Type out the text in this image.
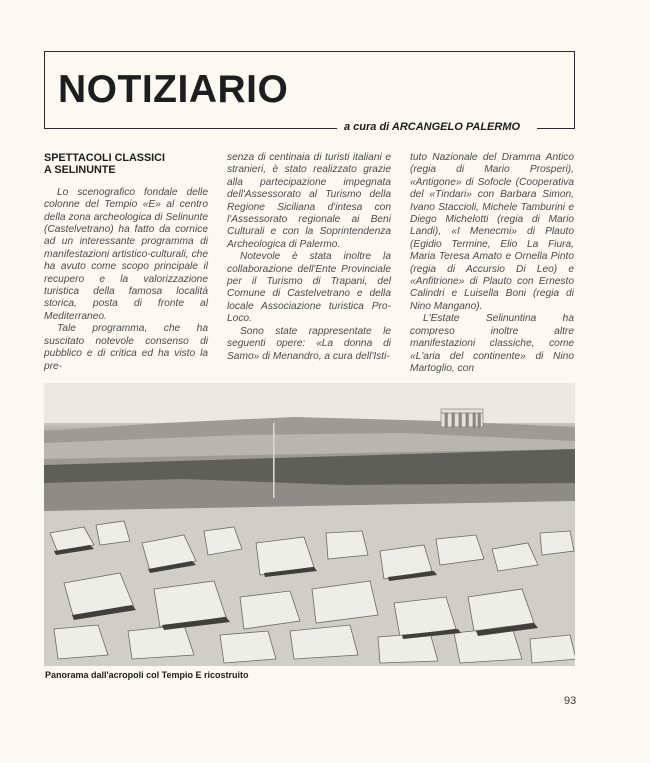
NOTIZIARIO
a cura di ARCANGELO PALERMO
SPETTACOLI CLASSICI
A SELINUNTE

Lo scenografico fondale delle colonne del Tempio «E» al centro della zona archeologica di Selinunte (Castelvetrano) ha fatto da cornice ad un interessante programma di manifestazioni artistico-culturali, che ha avuto come scopo principale il recupero e la valorizzazione turistica della famosa località storica, posta di fronte al Mediterraneo.

Tale programma, che ha suscitato notevole consenso di pubblico e di critica ed ha visto la pre-

senza di centinaia di turisti italiani e stranieri, è stato realizzato grazie alla partecipazione impegnata dell'Assessorato al Turismo della Regione Siciliana d'intesa con l'Assessorato regionale ai Beni Culturali e con la Soprintendenza Archeologica di Palermo.

Notevole è stata inoltre la collaborazione dell'Ente Provinciale per il Turismo di Trapani, del Comune di Castelvetrano e della locale Associazione turistica Pro-Loco.

Sono state rappresentate le seguenti opere: «La donna di Samo» di Menandro, a cura dell'Isti-

tuto Nazionale del Dramma Antico (regia di Mario Prosperi), «Antigone» di Sofocle (Cooperativa del «Tindari» con Barbara Simon, Ivano Staccioli, Michele Tamburini e Diego Michelotti (regia di Mario Landi), «I Menecmi» di Plauto (Egidio Termine, Elio La Fiura, Maria Teresa Amato e Ornella Pinto (regia di Accursio Di Leo) e «Anfitrione» di Plauto con Ernesto Calindri e Luisella Boni (regia di Nino Mangano).

L'Estate Selinuntina ha compreso inoltre altre manifestazioni classiche, come «L'aria del continente» di Nino Martoglio, con

Panorama dall'acropoli col Tempio E ricostruito
93
